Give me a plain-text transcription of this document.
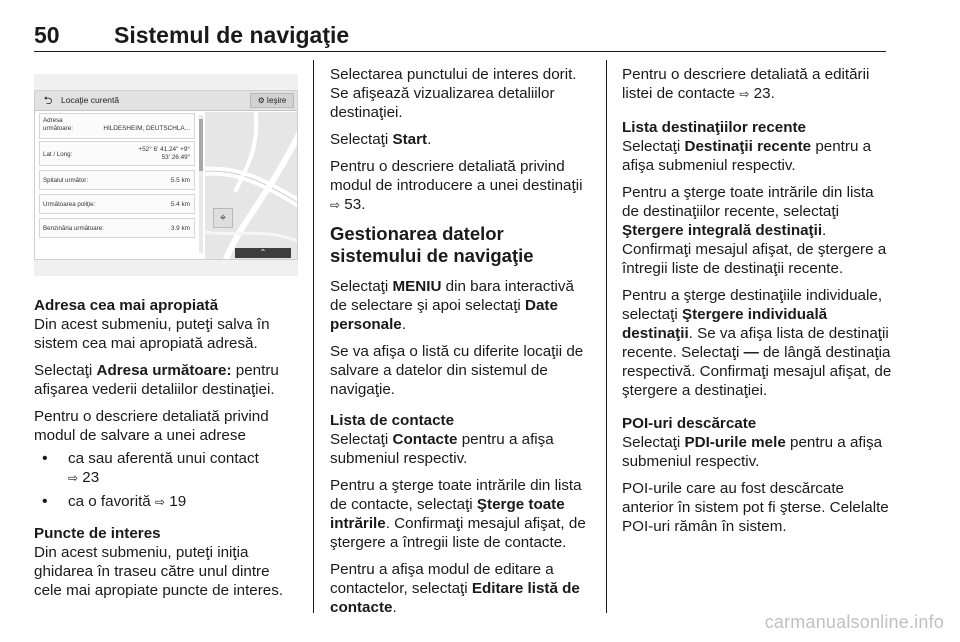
50 Sistemul de navigaţie
⮌	Locaţie curentă	⚙ Ieşire
Adresa următoare:	HILDESHEIM, DEUTSCHLA...
Lat / Long:
+52° 6' 41.24" +9° 53' 26.49"
Spitalul următor:	5.5 km
Următoarea poliţie:	5.4 km
Benzinăria următoare:	3.9 km
⌖
⌃

Adresa cea mai apropiată

Din acest submeniu, puteţi salva în sistem cea mai apropiată adresă.

Selectaţi Adresa următoare: pentru afişarea vederii detaliilor destinaţiei.

Pentru o descriere detaliată privind modul de salvare a unei adrese

• ca sau aferentă unui contact
⇨ 23
• ca o favorită ⇨ 19

Puncte de interes

Din acest submeniu, puteţi iniţia ghidarea în traseu către unul dintre cele mai apropiate puncte de interes.

Selectarea punctului de interes dorit. Se afişează vizualizarea detaliilor destinaţiei.

Selectaţi Start.

Pentru o descriere detaliată privind modul de introducere a unei destinaţii
⇨ 53.

Gestionarea datelor sistemului de navigaţie

Selectaţi MENIU din bara interactivă de selectare şi apoi selectaţi Date personale.

Se va afişa o listă cu diferite locaţii de salvare a datelor din sistemul de navigaţie.

Lista de contacte

Selectaţi Contacte pentru a afişa submeniul respectiv.

Pentru a şterge toate intrările din lista de contacte, selectaţi Şterge toate intrările. Confirmaţi mesajul afişat, de ştergere a întregii liste de contacte.

Pentru a afişa modul de editare a contactelor, selectaţi Editare listă de contacte.

Pentru o descriere detaliată a editării listei de contacte ⇨ 23.

Lista destinaţiilor recente

Selectaţi Destinaţii recente pentru a afişa submeniul respectiv.

Pentru a şterge toate intrările din lista de destinaţiilor recente, selectaţi Ştergere integrală destinaţii. Confirmaţi mesajul afişat, de ştergere a întregii liste de destinaţii recente.

Pentru a şterge destinaţiile individuale, selectaţi Ştergere individuală destinaţii. Se va afişa lista de destinaţii recente. Selectaţi — de lângă destinaţia respectivă. Confirmaţi mesajul afişat, de ştergere a destinaţiei.

POI-uri descărcate

Selectaţi PDI-urile mele pentru a afişa submeniul respectiv.

POI-urile care au fost descărcate anterior în sistem pot fi şterse. Celelalte POI-uri rămân în sistem.

carmanualsonline.info
